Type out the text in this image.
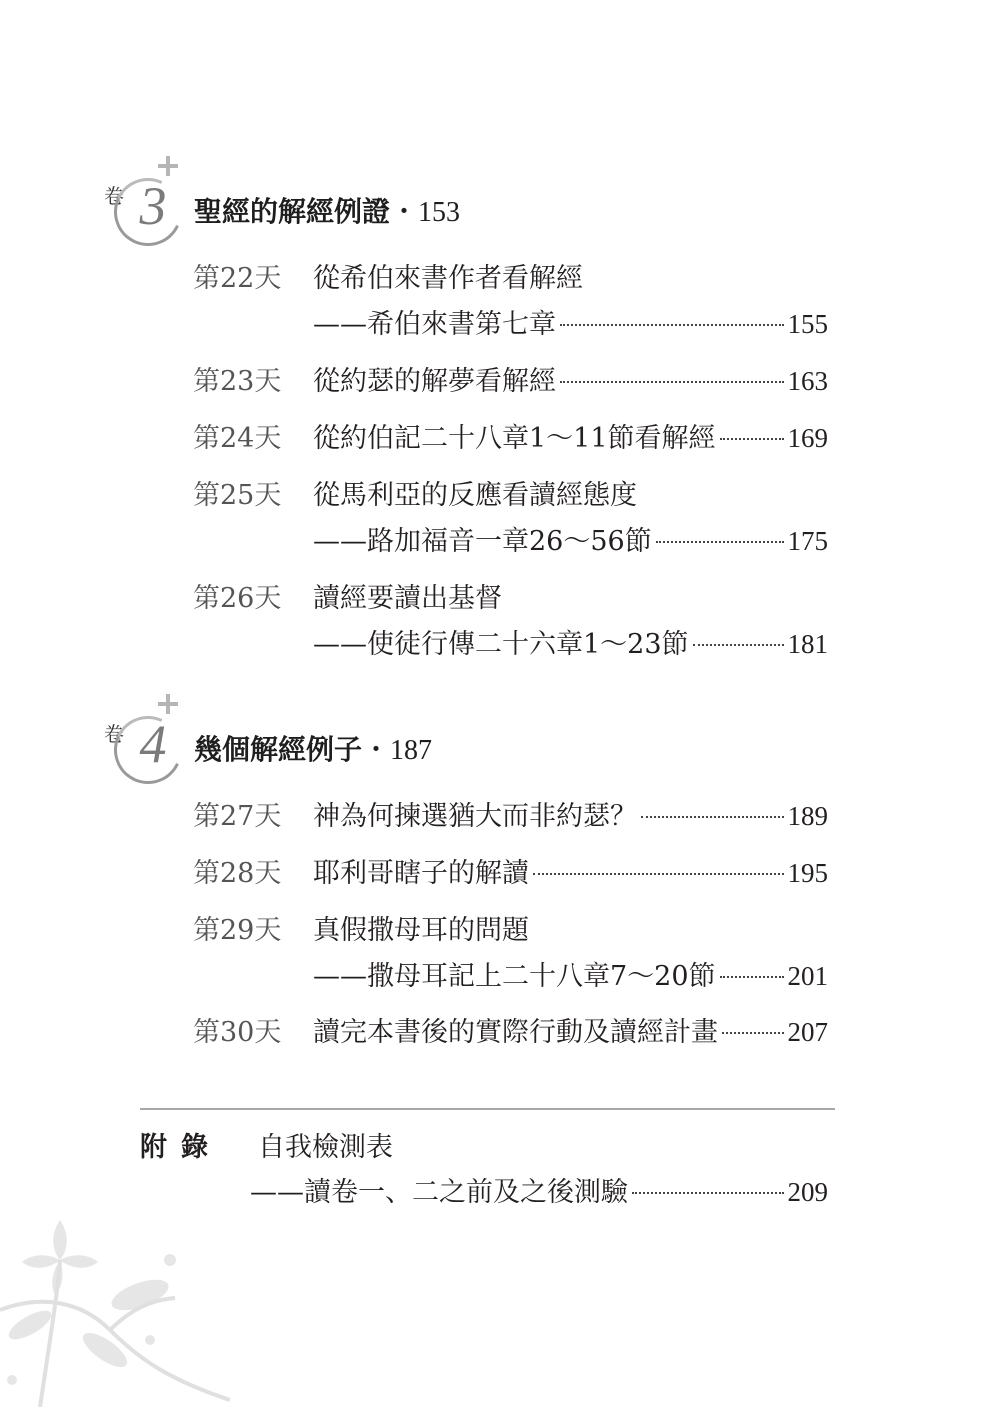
卷 3 聖經的解經例證・153
第22天 從希伯來書作者看解經
——希伯來書第七章	155
第23天 從約瑟的解夢看解經	163
第24天 從約伯記二十八章1～11節看解經	169
第25天 從馬利亞的反應看讀經態度
——路加福音一章26～56節	175
第26天 讀經要讀出基督
——使徒行傳二十六章1～23節	181
卷 4 幾個解經例子・187
第27天 神為何揀選猶大而非約瑟？	189
第28天 耶利哥瞎子的解讀	195
第29天 真假撒母耳的問題
——撒母耳記上二十八章7～20節	201
第30天 讀完本書後的實際行動及讀經計畫	207
附錄 自我檢測表
——讀卷一、二之前及之後測驗	209
